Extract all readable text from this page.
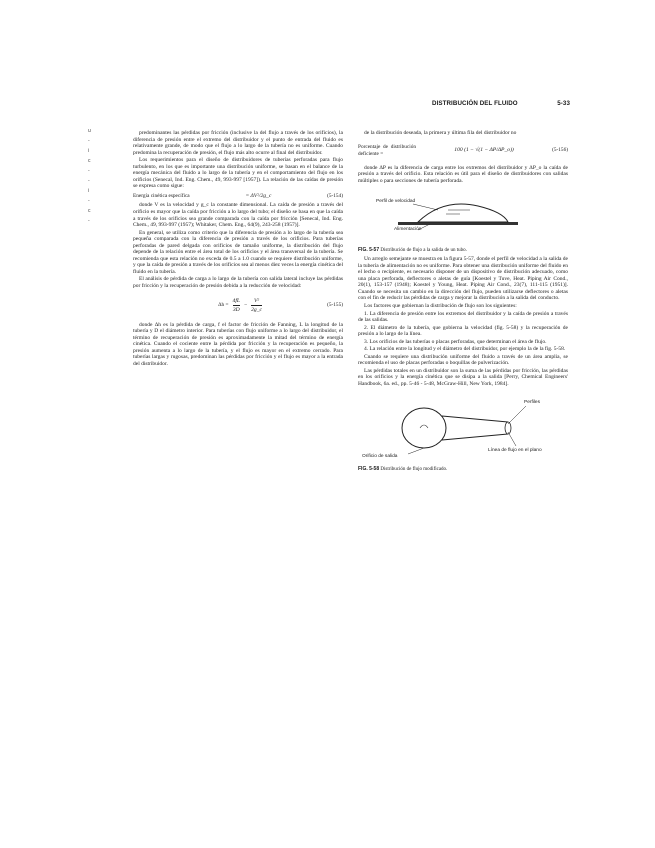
DISTRIBUCIÓN DEL FLUIDO	5-33
u
-
i
c
-
-
i
-
c
-

predominantes las pérdidas por fricción (inclusive la del flujo a través de los orificios), la diferencia de presión entre el extremo del distribuidor y el punto de entrada del fluido es relativamente grande, de modo que el flujo a lo largo de la tubería no es uniforme. Cuando predomina la recuperación de presión, el flujo más alto ocurre al final del distribuidor.

Los requerimientos para el diseño de distribuidores de tuberías perforadas para flujo turbulento, en los que es importante una distribución uniforme, se basan en el balance de la energía mecánica del fluido a lo largo de la tubería y en el comportamiento del flujo en los orificios (Senecal, Ind. Eng. Chem., 49, 993-997 [1957]). La relación de las caídas de presión se expresa como sigue:

Energía cinética específica	= ΔV²/2g_c	(5-154)

donde V es la velocidad y g_c la constante dimensional. La caída de presión a través del orificio es mayor que la caída por fricción a lo largo del tubo; el diseño se basa en que la caída a través de los orificios sea grande comparada con la caída por fricción [Senecal, Ind. Eng. Chem., 49, 993-997 (1957); Whitaker, Chem. Eng., 64(9), 243-258 (1957)].

En general, se utiliza como criterio que la diferencia de presión a lo largo de la tubería sea pequeña comparada con la diferencia de presión a través de los orificios. Para tuberías perforadas de pared delgada con orificios de tamaño uniforme, la distribución del flujo depende de la relación entre el área total de los orificios y el área transversal de la tubería. Se recomienda que esta relación no exceda de 0.5 a 1.0 cuando se requiere distribución uniforme, y que la caída de presión a través de los orificios sea al menos diez veces la energía cinética del fluido en la tubería.

El análisis de pérdida de carga a lo largo de la tubería con salida lateral incluye las pérdidas por fricción y la recuperación de presión debida a la reducción de velocidad:

$\Delta h = \frac{4fL}{3D} - \frac{\text{V²}}{2g\_c}$	(5-155)

donde Δh es la pérdida de carga, f el factor de fricción de Fanning, L la longitud de la tubería y D el diámetro interior. Para tuberías con flujo uniforme a lo largo del distribuidor, el término de recuperación de presión es aproximadamente la mitad del término de energía cinética. Cuando el cociente entre la pérdida por fricción y la recuperación es pequeño, la presión aumenta a lo largo de la tubería, y el flujo es mayor en el extremo cerrado. Para tuberías largas y rugosas, predominan las pérdidas por fricción y el flujo es mayor a la entrada del distribuidor.

de la distribución deseada, la primera y última fila del distribuidor no

Porcentaje de distribución deficiente =
100 (1 − √(1 − ΔP/ΔP_o))	(5-156)

donde ΔP es la diferencia de carga entre los extremos del distribuidor y ΔP_o la caída de presión a través del orificio. Esta relación es útil para el diseño de distribuidores con salidas múltiples o para secciones de tubería perforada.

Perfil de velocidad
Alimentación
FIG. 5-57 Distribución de flujo a la salida de un tubo.

Un arreglo semejante se muestra en la figura 5-57, donde el perfil de velocidad a la salida de la tubería de alimentación no es uniforme. Para obtener una distribución uniforme del fluido en el lecho o recipiente, es necesario disponer de un dispositivo de distribución adecuado, como una placa perforada, deflectores o aletas de guía [Koestel y Tuve, Heat. Piping Air Cond., 20(1), 153-157 (1948); Koestel y Young, Heat. Piping Air Cond., 23(7), 111-115 (1951)]. Cuando se necesita un cambio en la dirección del flujo, pueden utilizarse deflectores o aletas con el fin de reducir las pérdidas de carga y mejorar la distribución a la salida del conducto.

Los factores que gobiernan la distribución de flujo son los siguientes:

1. La diferencia de presión entre los extremos del distribuidor y la caída de presión a través de las salidas.

2. El diámetro de la tubería, que gobierna la velocidad (fig. 5-58) y la recuperación de presión a lo largo de la línea.

3. Los orificios de las tuberías o placas perforadas, que determinan el área de flujo.

4. La relación entre la longitud y el diámetro del distribuidor, por ejemplo la de la fig. 5-58.

Cuando se requiere una distribución uniforme del fluido a través de un área amplia, se recomienda el uso de placas perforadas o boquillas de pulverización.

Las pérdidas totales en un distribuidor son la suma de las pérdidas por fricción, las pérdidas en los orificios y la energía cinética que se disipa a la salida [Perry, Chemical Engineers' Handbook, 6a. ed., pp. 5-46 - 5-48, McGraw-Hill, New York, 1984].

Perfiles
Orificio de salida
Línea de flujo en el plano
FIG. 5-58 Distribución de flujo modificado.
